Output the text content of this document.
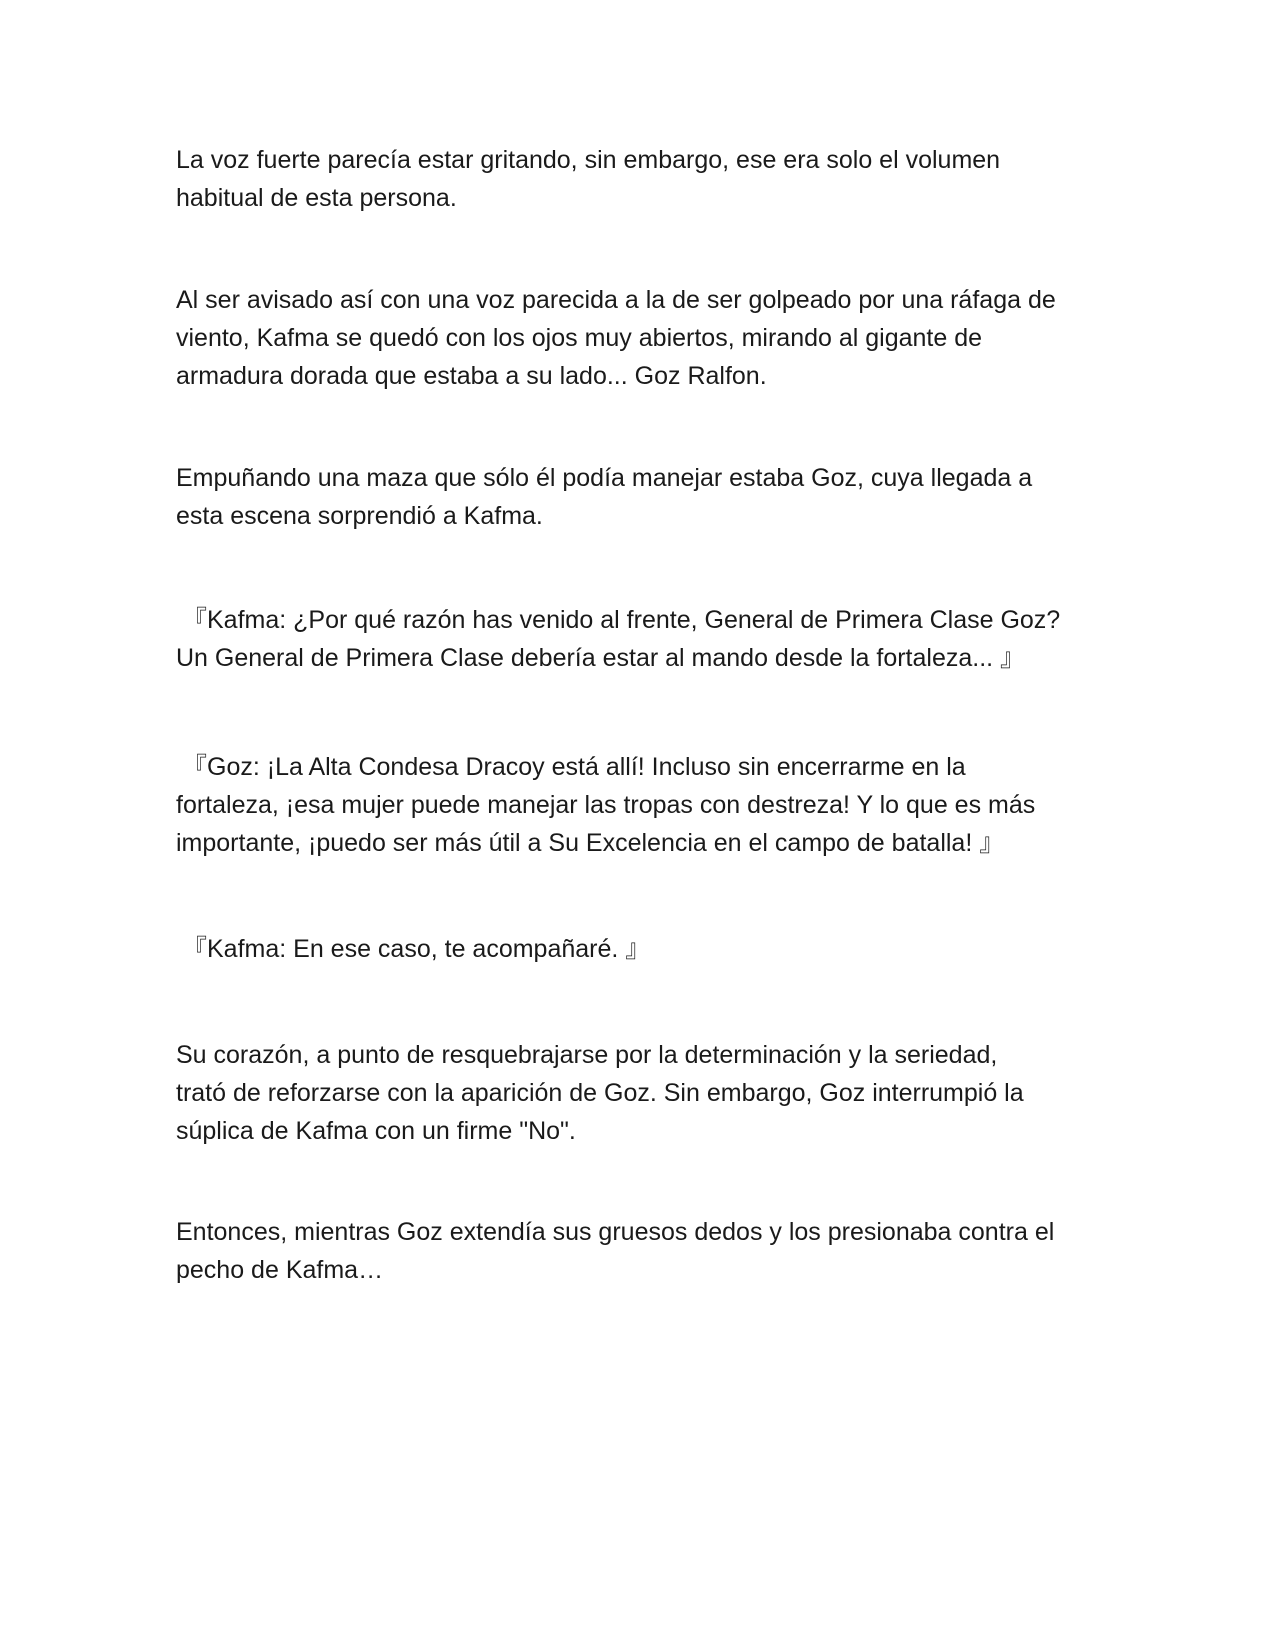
La voz fuerte parecía estar gritando, sin embargo, ese era solo el volumen
habitual de esta persona.

Al ser avisado así con una voz parecida a la de ser golpeado por una ráfaga de
viento, Kafma se quedó con los ojos muy abiertos, mirando al gigante de
armadura dorada que estaba a su lado... Goz Ralfon.

Empuñando una maza que sólo él podía manejar estaba Goz, cuya llegada a
esta escena sorprendió a Kafma.

『Kafma: ¿Por qué razón has venido al frente, General de Primera Clase Goz?
Un General de Primera Clase debería estar al mando desde la fortaleza... 』

『Goz: ¡La Alta Condesa Dracoy está allí! Incluso sin encerrarme en la
fortaleza, ¡esa mujer puede manejar las tropas con destreza! Y lo que es más
importante, ¡puedo ser más útil a Su Excelencia en el campo de batalla! 』

『Kafma: En ese caso, te acompañaré. 』

Su corazón, a punto de resquebrajarse por la determinación y la seriedad,
trató de reforzarse con la aparición de Goz. Sin embargo, Goz interrumpió la
súplica de Kafma con un firme "No".

Entonces, mientras Goz extendía sus gruesos dedos y los presionaba contra el
pecho de Kafma…
